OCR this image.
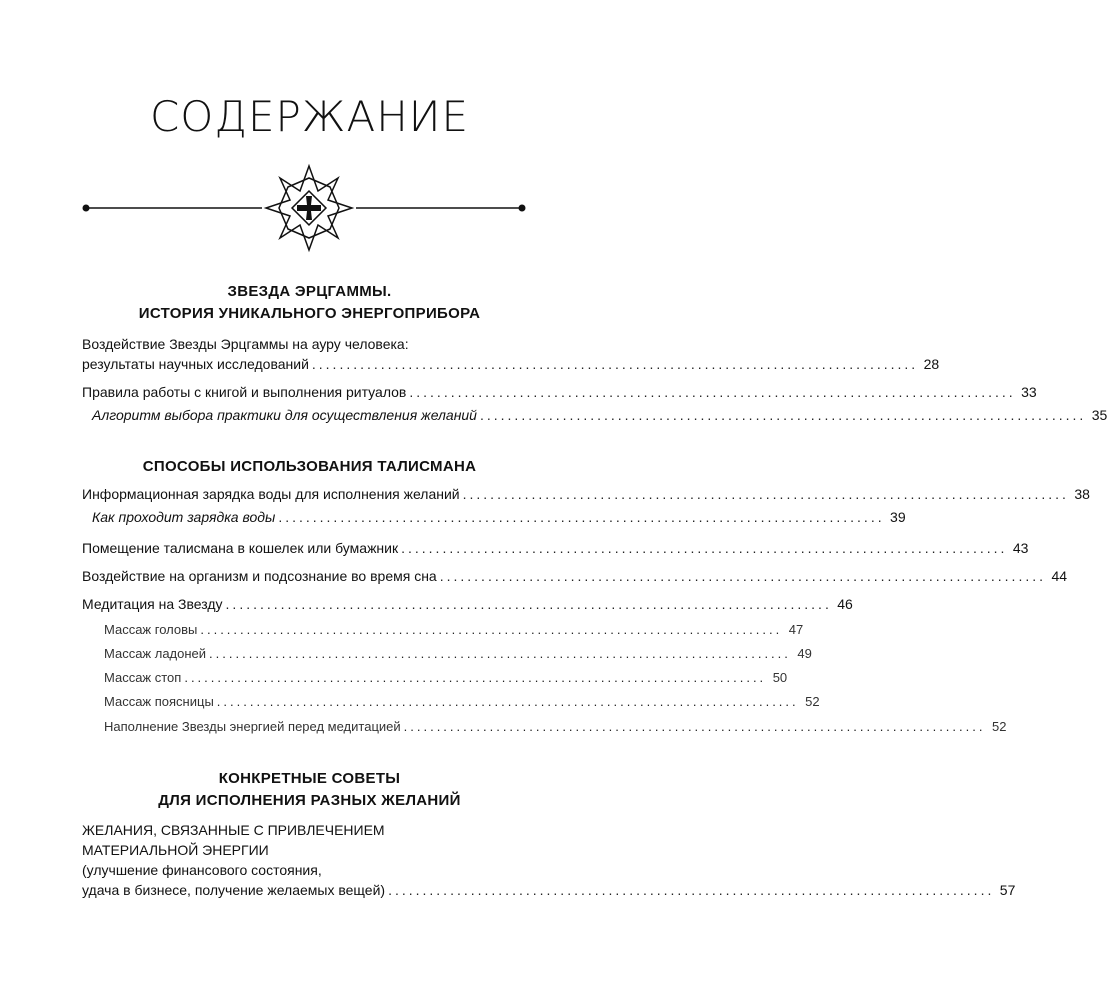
СОДЕРЖАНИЕ
ЗВЕЗДА ЭРЦГАММЫ.
ИСТОРИЯ УНИКАЛЬНОГО ЭНЕРГОПРИБОРА
Воздействие Звезды Эрцгаммы на ауру человека:
результаты научных исследований ........................................................................................ 28
Правила работы с книгой и выполнения ритуалов ........................................................................................ 33
Алгоритм выбора практики для осуществления желаний ........................................................................................ 35
СПОСОБЫ ИСПОЛЬЗОВАНИЯ ТАЛИСМАНА
Информационная зарядка воды для исполнения желаний ........................................................................................ 38
Как проходит зарядка воды ........................................................................................ 39
Помещение талисмана в кошелек или бумажник ........................................................................................ 43
Воздействие на организм и подсознание во время сна ........................................................................................ 44
Медитация на Звезду ........................................................................................ 46
Массаж головы ........................................................................................ 47
Массаж ладоней ........................................................................................ 49
Массаж стоп ........................................................................................ 50
Массаж поясницы ........................................................................................ 52
Наполнение Звезды энергией перед медитацией ........................................................................................ 52
КОНКРЕТНЫЕ СОВЕТЫ
ДЛЯ ИСПОЛНЕНИЯ РАЗНЫХ ЖЕЛАНИЙ
ЖЕЛАНИЯ, СВЯЗАННЫЕ С ПРИВЛЕЧЕНИЕМ
МАТЕРИАЛЬНОЙ ЭНЕРГИИ
(улучшение финансового состояния,
удача в бизнесе, получение желаемых вещей) ........................................................................................ 57
